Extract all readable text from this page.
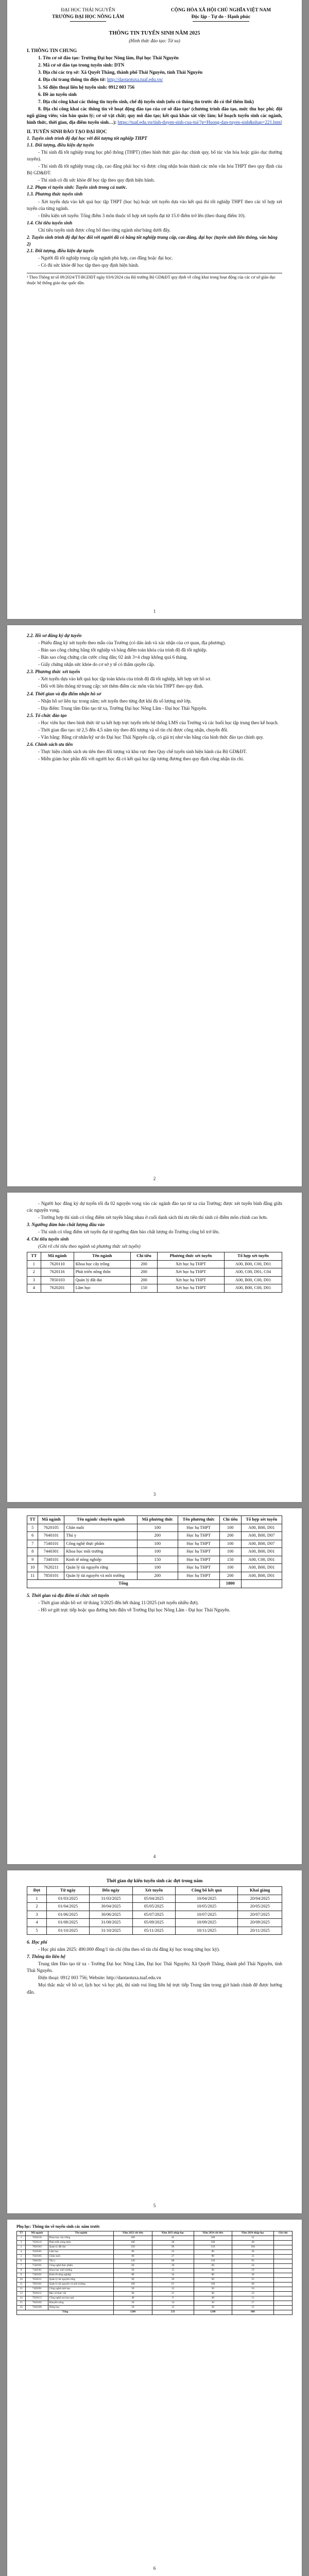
ĐẠI HỌC THÁI NGUYÊN
TRƯỜNG ĐẠI HỌC NÔNG LÂM
CỘNG HÒA XÃ HỘI CHỦ NGHĨA VIỆT NAM
Độc lập - Tự do - Hạnh phúc
THÔNG TIN TUYỂN SINH NĂM 2025
(Hình thức đào tạo: Từ xa)
I. THÔNG TIN CHUNG
1. Tên cơ sở đào tạo: Trường Đại học Nông lâm, Đại học Thái Nguyên
2. Mã cơ sở đào tạo trong tuyển sinh: DTN
3. Địa chỉ các trụ sở: Xã Quyết Thắng, thành phố Thái Nguyên, tỉnh Thái Nguyên
4. Địa chỉ trang thông tin điện tử: http://daotaotuxa.tuaf.edu.vn/
5. Số điện thoại liên hệ tuyển sinh: 0912 003 756
6. Đề án tuyển sinh
7. Địa chỉ công khai các thông tin tuyển sinh, chế độ tuyển sinh (nếu có thông tin trước đó có thể thêm link)
8. Địa chỉ công khai các thông tin về hoạt động đào tạo của cơ sở đào tạo¹ (chương trình đào tạo, mức thu học phí; đội ngũ giảng viên; văn bản quản lý; cơ sở vật chất; quy mô đào tạo; kết quả khảo sát việc làm; kế hoạch tuyển sinh các ngành, hình thức, thời gian, địa điểm tuyển sinh…): https://tuaf.edu.vn/tinh-duyen-sinh-cua-tui/?p=Huong-dan-tuyen-sinh&nhap=221.html
II. TUYỂN SINH ĐÀO TẠO ĐẠI HỌC
1. Tuyển sinh trình độ đại học với đối tượng tốt nghiệp THPT
1.1. Đối tượng, điều kiện dự tuyển
- Thí sinh đã tốt nghiệp trung học phổ thông (THPT) (theo hình thức giáo dục chính quy, bổ túc văn hóa hoặc giáo dục thường xuyên).
- Thí sinh đã tốt nghiệp trung cấp, cao đẳng phải học và được công nhận hoàn thành các môn văn hóa THPT theo quy định của Bộ GD&ĐT.
- Thí sinh có đủ sức khỏe để học tập theo quy định hiện hành.
1.2. Phạm vi tuyển sinh: Tuyển sinh trong cả nước.
1.3. Phương thức tuyển sinh
- Xét tuyển dựa vào kết quả học tập THPT (học bạ) hoặc xét tuyển dựa vào kết quả thi tốt nghiệp THPT theo các tổ hợp xét tuyển của từng ngành.
- Điều kiện xét tuyển: Tổng điểm 3 môn thuộc tổ hợp xét tuyển đạt từ 15.0 điểm trở lên (theo thang điểm 10).
1.4. Chỉ tiêu tuyển sinh
Chỉ tiêu tuyển sinh được công bố theo từng ngành như bảng dưới đây.
2. Tuyển sinh trình độ đại học đối với người đã có bằng tốt nghiệp trung cấp, cao đẳng, đại học (tuyển sinh liên thông, văn bằng 2)
2.1. Đối tượng, điều kiện dự tuyển
- Người đã tốt nghiệp trung cấp ngành phù hợp, cao đẳng hoặc đại học.
- Có đủ sức khỏe để học tập theo quy định hiện hành.
¹ Theo Thông tư số 09/2024/TT-BGDĐT ngày 03/6/2024 của Bộ trưởng Bộ GD&ĐT quy định về công khai trong hoạt động của các cơ sở giáo dục thuộc hệ thống giáo dục quốc dân.
1
2.2. Hồ sơ đăng ký dự tuyển
- Phiếu đăng ký xét tuyển theo mẫu của Trường (có dán ảnh và xác nhận của cơ quan, địa phương).
- Bản sao công chứng bằng tốt nghiệp và bảng điểm toàn khóa của trình độ đã tốt nghiệp.
- Bản sao công chứng căn cước công dân; 02 ảnh 3×4 chụp không quá 6 tháng.
- Giấy chứng nhận sức khỏe do cơ sở y tế có thẩm quyền cấp.
2.3. Phương thức xét tuyển
- Xét tuyển dựa vào kết quả học tập toàn khóa của trình độ đã tốt nghiệp, kết hợp xét hồ sơ.
- Đối với liên thông từ trung cấp: xét thêm điểm các môn văn hóa THPT theo quy định.
2.4. Thời gian và địa điểm nhận hồ sơ
- Nhận hồ sơ liên tục trong năm; xét tuyển theo từng đợt khi đủ số lượng mở lớp.
- Địa điểm: Trung tâm Đào tạo từ xa, Trường Đại học Nông Lâm - Đại học Thái Nguyên.
2.5. Tổ chức đào tạo
- Học viên học theo hình thức từ xa kết hợp trực tuyến trên hệ thống LMS của Trường và các buổi học tập trung theo kế hoạch.
- Thời gian đào tạo: từ 2,5 đến 4,5 năm tùy theo đối tượng và số tín chỉ được công nhận, chuyển đổi.
- Văn bằng: Bằng cử nhân/kỹ sư do Đại học Thái Nguyên cấp, có giá trị như văn bằng của hình thức đào tạo chính quy.
2.6. Chính sách ưu tiên
- Thực hiện chính sách ưu tiên theo đối tượng và khu vực theo Quy chế tuyển sinh hiện hành của Bộ GD&ĐT.
- Miễn giảm học phần đối với người học đã có kết quả học tập tương đương theo quy định công nhận tín chỉ.
2
- Người học đăng ký dự tuyển tối đa 02 nguyện vọng vào các ngành đào tạo từ xa của Trường; được xét tuyển bình đẳng giữa các nguyện vọng.
- Trường hợp thí sinh có tổng điểm xét tuyển bằng nhau ở cuối danh sách thì ưu tiên thí sinh có điểm môn chính cao hơn.
3. Ngưỡng đảm bảo chất lượng đầu vào
- Thí sinh có tổng điểm xét tuyển đạt từ ngưỡng đảm bảo chất lượng do Trường công bố trở lên.
4. Chỉ tiêu tuyển sinh
(Ghi rõ chỉ tiêu theo ngành và phương thức xét tuyển)
TT	Mã ngành	Tên ngành	Chỉ tiêu	Phương thức xét tuyển	Tổ hợp xét tuyển
1	7620110	Khoa học cây trồng	200	Xét học bạ THPT	A00, B00, C00, D01
2	7620116	Phát triển nông thôn	200	Xét học bạ THPT	A00, C00, D01, C04
3	7850103	Quản lý đất đai	200	Xét học bạ THPT	A00, B00, C00, D01
4	7620201	Lâm học	150	Xét học bạ THPT	A00, B00, C00, D01
3
TT	Mã ngành	Tên ngành/ chuyên ngành	Mã phương thức	Tên phương thức	Chỉ tiêu	Tổ hợp xét tuyển
5	7620105	Chăn nuôi	100	Học bạ THPT	100	A00, B00, D01
6	7640101	Thú y	200	Học bạ THPT	200	A00, B00, D07
7	7540101	Công nghệ thực phẩm	100	Học bạ THPT	100	A00, B00, D07
8	7440301	Khoa học môi trường	100	Học bạ THPT	100	A00, B00, D01
9	7340101	Kinh tế nông nghiệp	150	Học bạ THPT	150	A00, C00, D01
10	7620211	Quản lý tài nguyên rừng	100	Học bạ THPT	100	A00, B00, D01
11	7850101	Quản lý tài nguyên và môi trường	200	Học bạ THPT	200	A00, B00, D01
Tổng					1800	
5. Thời gian và địa điểm tổ chức xét tuyển
- Thời gian nhận hồ sơ: từ tháng 3/2025 đến hết tháng 11/2025 (xét tuyển nhiều đợt).
- Hồ sơ gửi trực tiếp hoặc qua đường bưu điện về Trường Đại học Nông Lâm - Đại học Thái Nguyên.
4
Thời gian dự kiến tuyển sinh các đợt trong năm
Đợt	Từ ngày	Đến ngày	Xét tuyển	Công bố kết quả	Khai giảng
1	01/03/2025	31/03/2025	05/04/2025	10/04/2025	20/04/2025
2	01/04/2025	30/04/2025	05/05/2025	10/05/2025	20/05/2025
3	01/06/2025	30/06/2025	05/07/2025	10/07/2025	20/07/2025
4	01/08/2025	31/08/2025	05/09/2025	10/09/2025	20/09/2025
5	01/10/2025	31/10/2025	05/11/2025	10/11/2025	20/11/2025
6. Học phí
- Học phí năm 2025: 490.000 đồng/1 tín chỉ (thu theo số tín chỉ đăng ký học trong từng học kỳ).
7. Thông tin liên hệ
Trung tâm Đào tạo từ xa - Trường Đại học Nông Lâm, Đại học Thái Nguyên; Xã Quyết Thắng, thành phố Thái Nguyên, tỉnh Thái Nguyên.
Điện thoại: 0912 003 756; Website: http://daotaotuxa.tuaf.edu.vn
Mọi thắc mắc về hồ sơ, lịch học và học phí, thí sinh vui lòng liên hệ trực tiếp Trung tâm trong giờ hành chính để được hướng dẫn.
5
Phụ lục: Thông tin về tuyển sinh các năm trước
TT	Mã ngành	Tên ngành	Năm 2023 chỉ tiêu	Năm 2023 nhập học	Năm 2024 chỉ tiêu	Năm 2024 nhập học	Ghi chú
1	7620110	Khoa học cây trồng	100	45	100	52	
2	7620116	Phát triển nông thôn	100	38	100	40	
3	7850103	Quản lý đất đai	150	96	150	104	
4	7620201	Lâm học	80	22	80	30	
5	7620105	Chăn nuôi	80	27	80	31	
6	7640101	Thú y	120	88	120	95	
7	7540101	Công nghệ thực phẩm	60	18	60	24	
8	7440301	Khoa học môi trường	60	15	60	19	
9	7340101	Kinh tế nông nghiệp	80	34	80	36	
10	7620211	Quản lý tài nguyên rừng	60	20	60	25	
11	7850101	Quản lý tài nguyên và môi trường	100	61	100	68	
12	7420201	Công nghệ sinh học	50	12	50	16	
13	7620112	Bảo vệ thực vật	60	21	60	23	
14	7620113	Công nghệ rau hoa quả	40	9	40	11	
15	7620102	Khuyến nông	50	14	50	17	
16	7620109	Nông học	50	13	50	15	
Tổng			1240	533	1240	606	
6
